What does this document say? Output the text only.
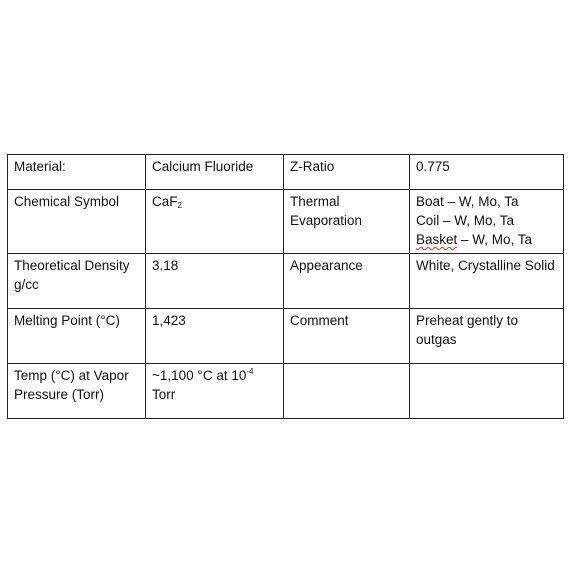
Material:	Calcium Fluoride	Z-Ratio	0.775
Chemical Symbol	CaF$_2$	Thermal Evaporation	Boat – W, Mo, Ta
Coil – W, Mo, Ta
Basket – W, Mo, Ta

Theoretical Density g/cc	3.18	Appearance	White, Crystalline Solid
Melting Point (°C)	1,423	Comment	Preheat gently to outgas
Temp (°C) at Vapor Pressure (Torr)	~1,100 °C at $10^{-4}$
Torr		
